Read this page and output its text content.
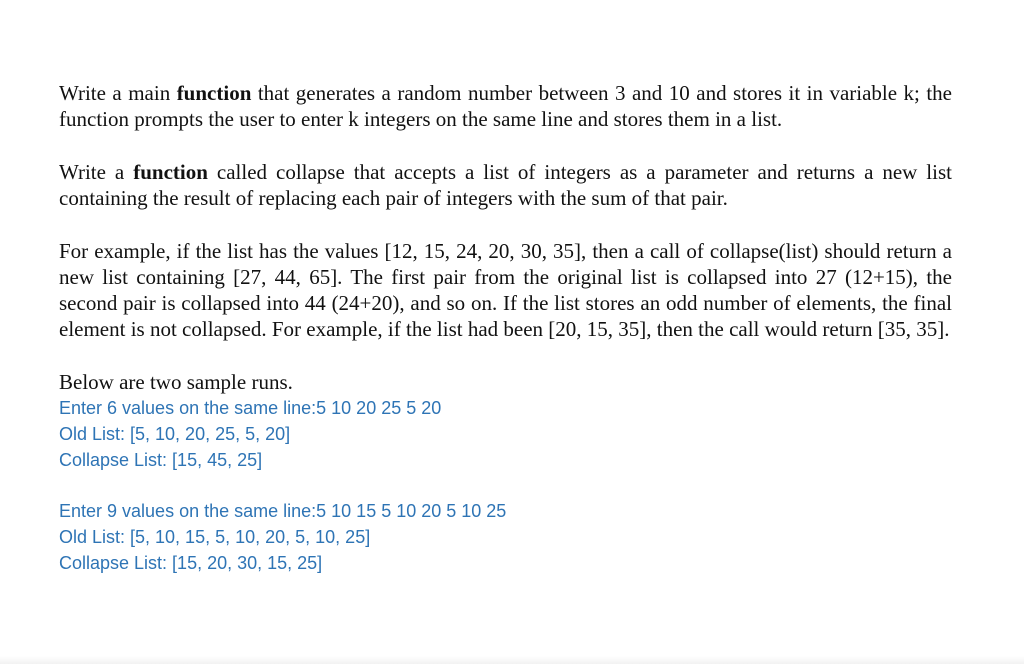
Write a main function that generates a random number between 3 and 10 and stores it in variable k; the function prompts the user to enter k integers on the same line and stores them in a list.

Write a function called collapse that accepts a list of integers as a parameter and returns a new list containing the result of replacing each pair of integers with the sum of that pair.

For example, if the list has the values [12, 15, 24, 20, 30, 35], then a call of collapse(list) should return a new list containing [27, 44, 65]. The first pair from the original list is collapsed into 27 (12+15), the second pair is collapsed into 44 (24+20), and so on. If the list stores an odd number of elements, the final element is not collapsed. For example, if the list had been [20, 15, 35], then the call would return [35, 35].

Below are two sample runs.

Enter 6 values on the same line:5 10 20 25 5 20
Old List: [5, 10, 20, 25, 5, 20]
Collapse List: [15, 45, 25]
Enter 9 values on the same line:5 10 15 5 10 20 5 10 25
Old List: [5, 10, 15, 5, 10, 20, 5, 10, 25]
Collapse List: [15, 20, 30, 15, 25]
